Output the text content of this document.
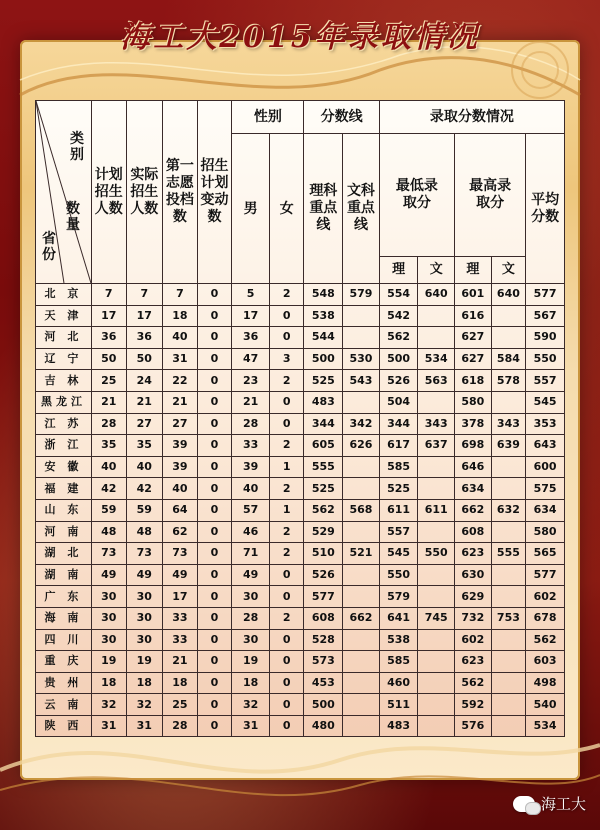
海工大2015年录取情况
类别
数量
省份	计划招生人数	实际招生人数	第一志愿投档数	招生计划变动数	性别		分数线		录取分数情况				
					男	女	理科重点线	文科重点线	最低录取分		最高录取分		平均分数
									理	文	理	文	
北 京	7	7	7	0	5	2	548	579	554	640	601	640	577
天 津	17	17	18	0	17	0	538		542		616		567
河 北	36	36	40	0	36	0	544		562		627		590
辽 宁	50	50	31	0	47	3	500	530	500	534	627	584	550
吉 林	25	24	22	0	23	2	525	543	526	563	618	578	557
黑龙江	21	21	21	0	21	0	483		504		580		545
江 苏	28	27	27	0	28	0	344	342	344	343	378	343	353
浙 江	35	35	39	0	33	2	605	626	617	637	698	639	643
安 徽	40	40	39	0	39	1	555		585		646		600
福 建	42	42	40	0	40	2	525		525		634		575
山 东	59	59	64	0	57	1	562	568	611	611	662	632	634
河 南	48	48	62	0	46	2	529		557		608		580
湖 北	73	73	73	0	71	2	510	521	545	550	623	555	565
湖 南	49	49	49	0	49	0	526		550		630		577
广 东	30	30	17	0	30	0	577		579		629		602
海 南	30	30	33	0	28	2	608	662	641	745	732	753	678
四 川	30	30	33	0	30	0	528		538		602		562
重 庆	19	19	21	0	19	0	573		585		623		603
贵 州	18	18	18	0	18	0	453		460		562		498
云 南	32	32	25	0	32	0	500		511		592		540
陕 西	31	31	28	0	31	0	480		483		576		534
海工大
